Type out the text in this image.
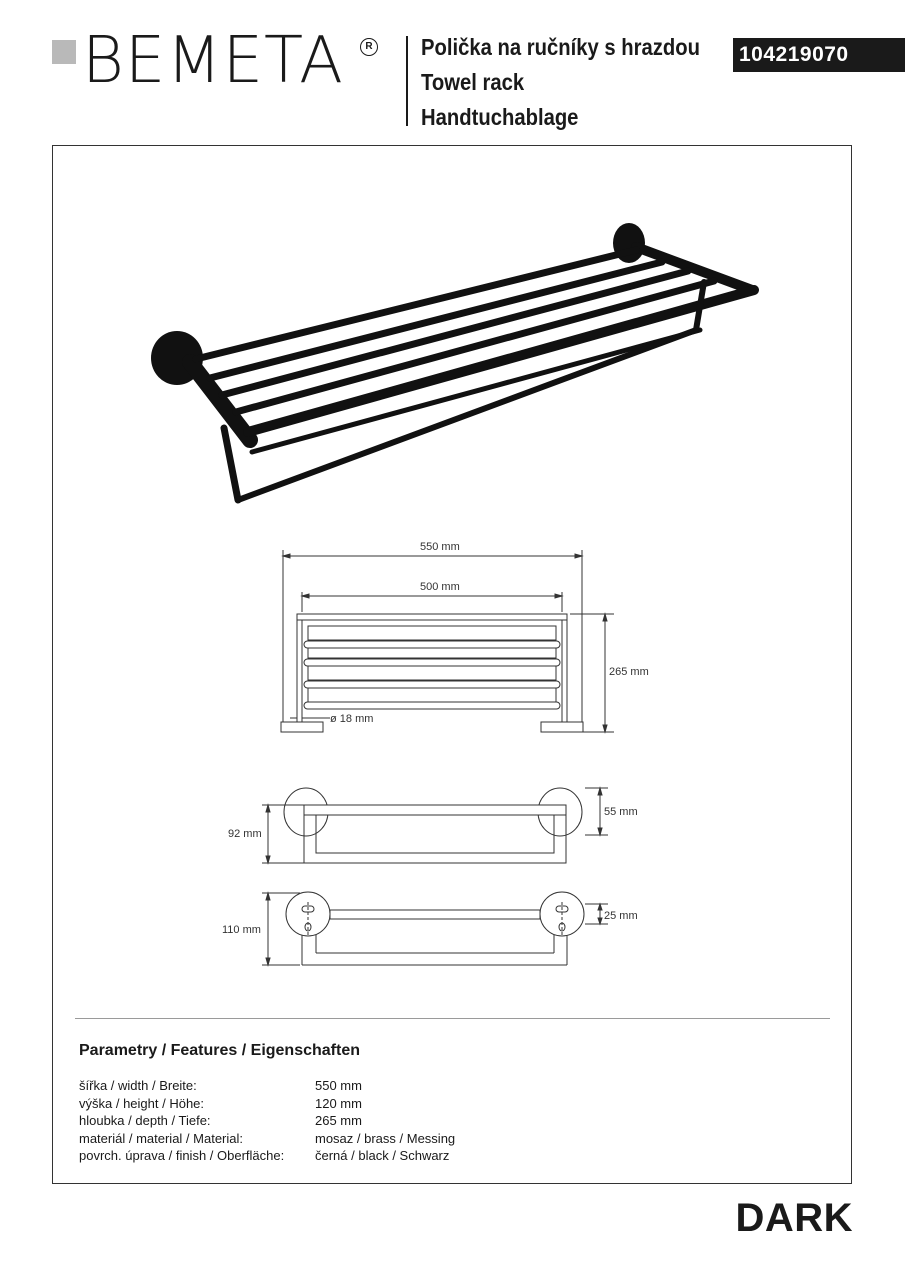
BEMETA	R Polička na ručníky s hrazdou
Towel rack
Handtuchablage
104219070
550 mm
500 mm
265 mm
ø 18 mm
92 mm
55 mm
110 mm
25 mm
Parametry / Features / Eigenschaften
šířka / width / Breite:	550 mm
výška / height / Höhe:	120 mm
hloubka / depth / Tiefe:	265 mm
materiál / material / Material:	mosaz / brass / Messing
povrch. úprava / finish / Oberfläche:	černá / black / Schwarz
DARK
